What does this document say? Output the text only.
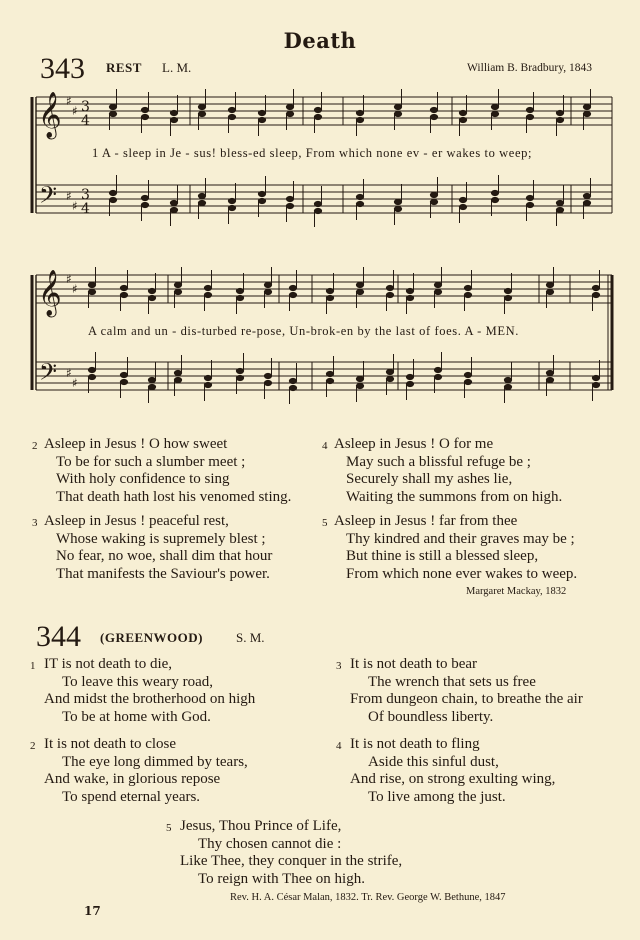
Death
343 REST L. M.	William B. Bradbury, 1843
𝄞
𝄢
♯
♯
♯
♯
3
4
3
4
𝄞
𝄢
♯
♯
♯
♯
1 A - sleep in Je - sus! bless-ed sleep, From which none ev - er wakes to weep;
A calm and un - dis-turbed re-pose, Un-brok-en by the last of foes. A - MEN.
2 Asleep in Jesus ! O how sweet
To be for such a slumber meet ;
With holy confidence to sing
That death hath lost his venomed sting.
3 Asleep in Jesus ! peaceful rest,
Whose waking is supremely blest ;
No fear, no woe, shall dim that hour
That manifests the Saviour's power.
4 Asleep in Jesus ! O for me
May such a blissful refuge be ;
Securely shall my ashes lie,
Waiting the summons from on high.
5 Asleep in Jesus ! far from thee
Thy kindred and their graves may be ;
But thine is still a blessed sleep,
From which none ever wakes to weep.
Margaret Mackay, 1832
344 (GREENWOOD)	S. M.
1 IT is not death to die,
To leave this weary road,
And midst the brotherhood on high
To be at home with God.
2 It is not death to close
The eye long dimmed by tears,
And wake, in glorious repose
To spend eternal years.
3 It is not death to bear
The wrench that sets us free
From dungeon chain, to breathe the air
Of boundless liberty.
4 It is not death to fling
Aside this sinful dust,
And rise, on strong exulting wing,
To live among the just.
5 Jesus, Thou Prince of Life,
Thy chosen cannot die :
Like Thee, they conquer in the strife,
To reign with Thee on high.
Rev. H. A. César Malan, 1832. Tr. Rev. George W. Bethune, 1847
17
